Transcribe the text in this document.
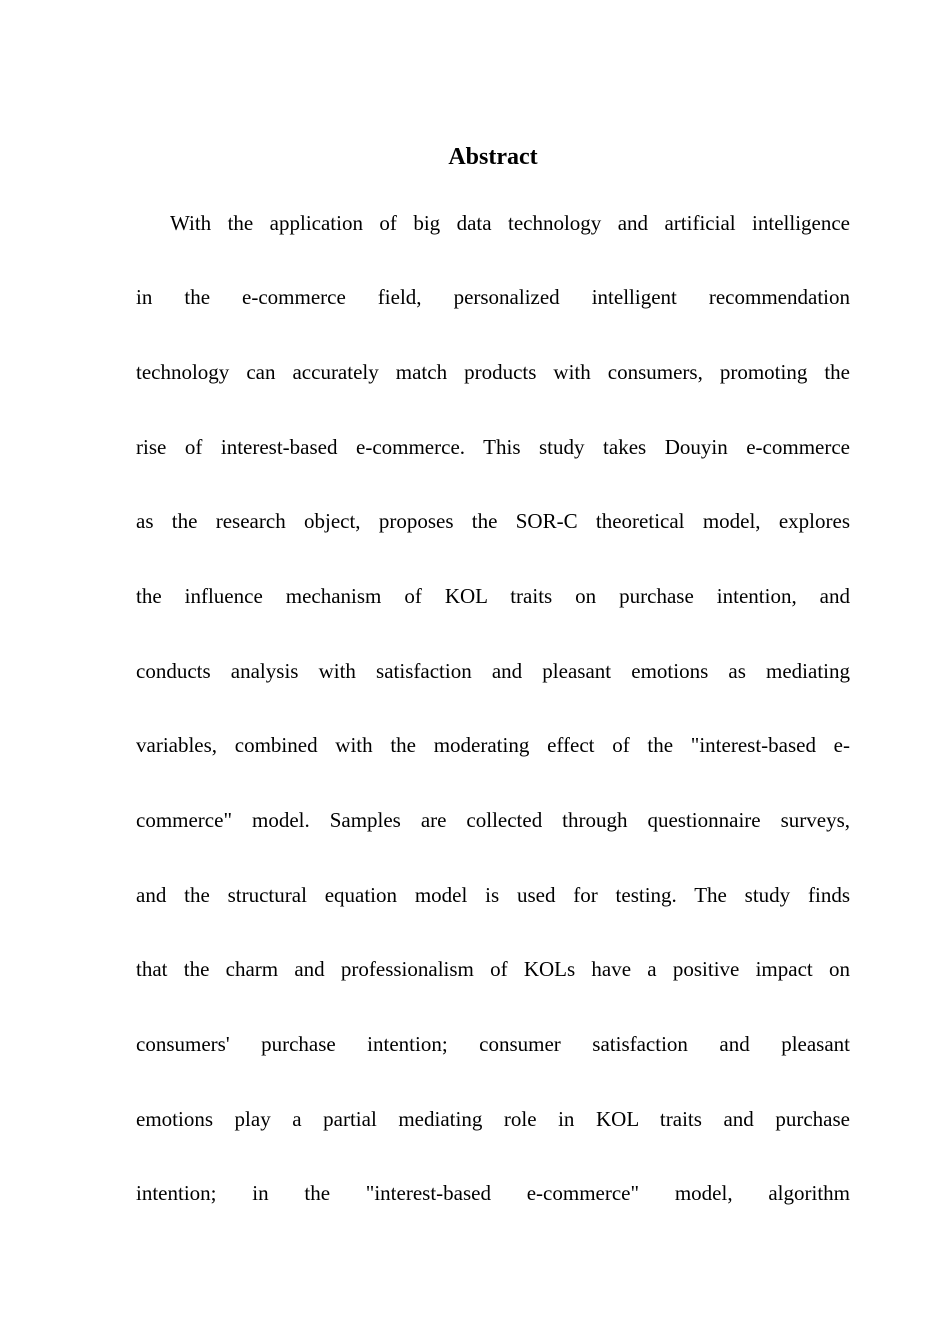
Abstract
With the application of big data technology and artificial intelligence
in the e-commerce field, personalized intelligent recommendation
technology can accurately match products with consumers, promoting the
rise of interest-based e-commerce. This study takes Douyin e-commerce
as the research object, proposes the SOR-C theoretical model, explores
the influence mechanism of KOL traits on purchase intention, and
conducts analysis with satisfaction and pleasant emotions as mediating
variables, combined with the moderating effect of the "interest-based e-
commerce" model. Samples are collected through questionnaire surveys,
and the structural equation model is used for testing. The study finds
that the charm and professionalism of KOLs have a positive impact on
consumers' purchase intention; consumer satisfaction and pleasant
emotions play a partial mediating role in KOL traits and purchase
intention; in the "interest-based e-commerce" model, algorithm
